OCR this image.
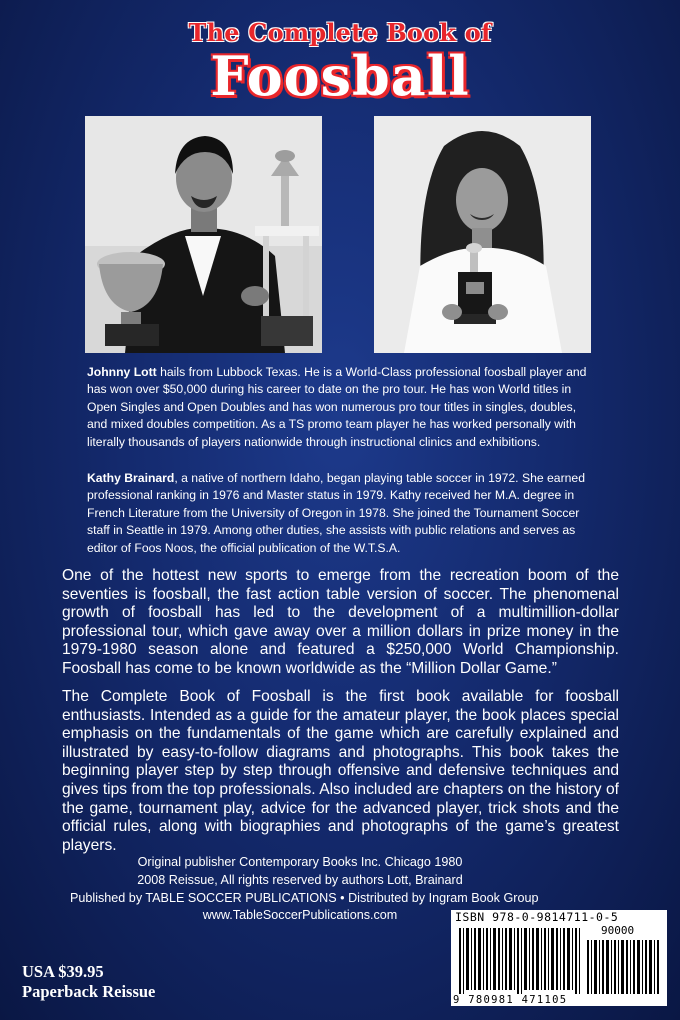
The Complete Book of
Foosball
Johnny Lott hails from Lubbock Texas. He is a World-Class professional foosball player and has won over $50,000 during his career to date on the pro tour. He has won World titles in Open Singles and Open Doubles and has won numerous pro tour titles in singles, doubles, and mixed doubles competition. As a TS promo team player he has worked personally with literally thousands of players nationwide through instructional clinics and exhibitions.
Kathy Brainard, a native of northern Idaho, began playing table soccer in 1972. She earned professional ranking in 1976 and Master status in 1979. Kathy received her M.A. degree in French Literature from the University of Oregon in 1978. She joined the Tournament Soccer staff in Seattle in 1979. Among other duties, she assists with public relations and serves as editor of Foos Noos, the official publication of the W.T.S.A.
One of the hottest new sports to emerge from the recreation boom of the seventies is foosball, the fast action table version of soccer. The phenomenal growth of foosball has led to the development of a multimillion-dollar professional tour, which gave away over a million dollars in prize money in the 1979-1980 season alone and featured a $250,000 World Championship. Foosball has come to be known worldwide as the “Million Dollar Game.”
The Complete Book of Foosball is the first book available for foosball enthusiasts. Intended as a guide for the amateur player, the book places special emphasis on the fundamentals of the game which are carefully explained and illustrated by easy-to-follow diagrams and photographs. This book takes the beginning player step by step through offensive and defensive techniques and gives tips from the top professionals. Also included are chapters on the history of the game, tournament play, advice for the advanced player, trick shots and the official rules, along with biographies and photographs of the game’s greatest players.
Original publisher Contemporary Books Inc. Chicago 1980
2008 Reissue, All rights reserved by authors Lott, Brainard
Published by TABLE SOCCER PUBLICATIONS • Distributed by Ingram Book Group
www.TableSoccerPublications.com	ISBN 978-0-9814711-0-5
90000
9 780981 471105
USA $39.95
Paperback Reissue
